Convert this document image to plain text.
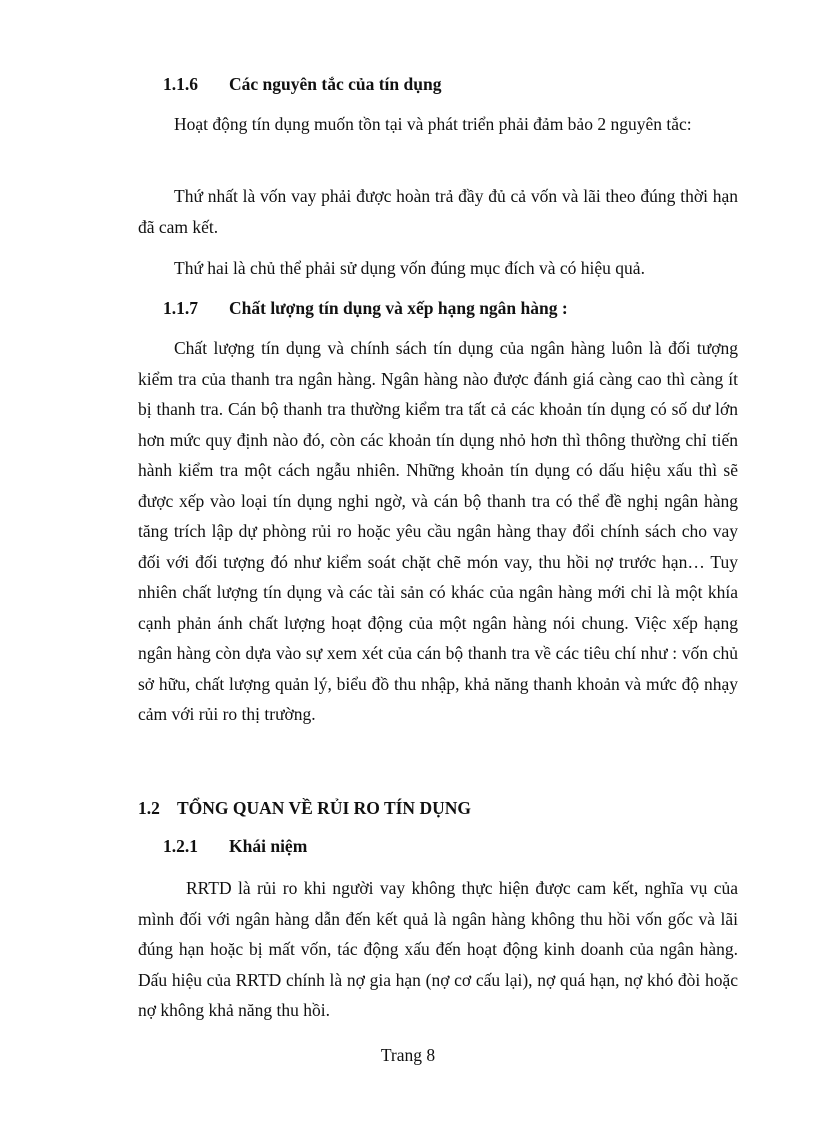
1.1.6 Các nguyên tắc của tín dụng

Hoạt động tín dụng muốn tồn tại và phát triển phải đảm bảo 2 nguyên tắc:

Thứ nhất là vốn vay phải được hoàn trả đầy đủ cả vốn và lãi theo đúng thời hạn đã cam kết.

Thứ hai là chủ thể phải sử dụng vốn đúng mục đích và có hiệu quả.

1.1.7 Chất lượng tín dụng và xếp hạng ngân hàng :

Chất lượng tín dụng và chính sách tín dụng của ngân hàng luôn là đối tượng kiểm tra của thanh tra ngân hàng. Ngân hàng nào được đánh giá càng cao thì càng ít bị thanh tra. Cán bộ thanh tra thường kiểm tra tất cả các khoản tín dụng có số dư lớn hơn mức quy định nào đó, còn các khoản tín dụng nhỏ hơn thì thông thường chỉ tiến hành kiểm tra một cách ngẫu nhiên. Những khoản tín dụng có dấu hiệu xấu thì sẽ được xếp vào loại tín dụng nghi ngờ, và cán bộ thanh tra có thể đề nghị ngân hàng tăng trích lập dự phòng rủi ro hoặc yêu cầu ngân hàng thay đổi chính sách cho vay đối với đối tượng đó như kiểm soát chặt chẽ món vay, thu hồi nợ trước hạn… Tuy nhiên chất lượng tín dụng và các tài sản có khác của ngân hàng mới chỉ là một khía cạnh phản ánh chất lượng hoạt động của một ngân hàng nói chung. Việc xếp hạng ngân hàng còn dựa vào sự xem xét của cán bộ thanh tra về các tiêu chí như : vốn chủ sở hữu, chất lượng quản lý, biểu đồ thu nhập, khả năng thanh khoản và mức độ nhạy cảm với rủi ro thị trường.

1.2 TỔNG QUAN VỀ RỦI RO TÍN DỤNG
1.2.1 Khái niệm

RRTD là rủi ro khi người vay không thực hiện được cam kết, nghĩa vụ của mình đối với ngân hàng dẫn đến kết quả là ngân hàng không thu hồi vốn gốc và lãi đúng hạn hoặc bị mất vốn, tác động xấu đến hoạt động kinh doanh của ngân hàng. Dấu hiệu của RRTD chính là nợ gia hạn (nợ cơ cấu lại), nợ quá hạn, nợ khó đòi hoặc nợ không khả năng thu hồi.

Trang 8
